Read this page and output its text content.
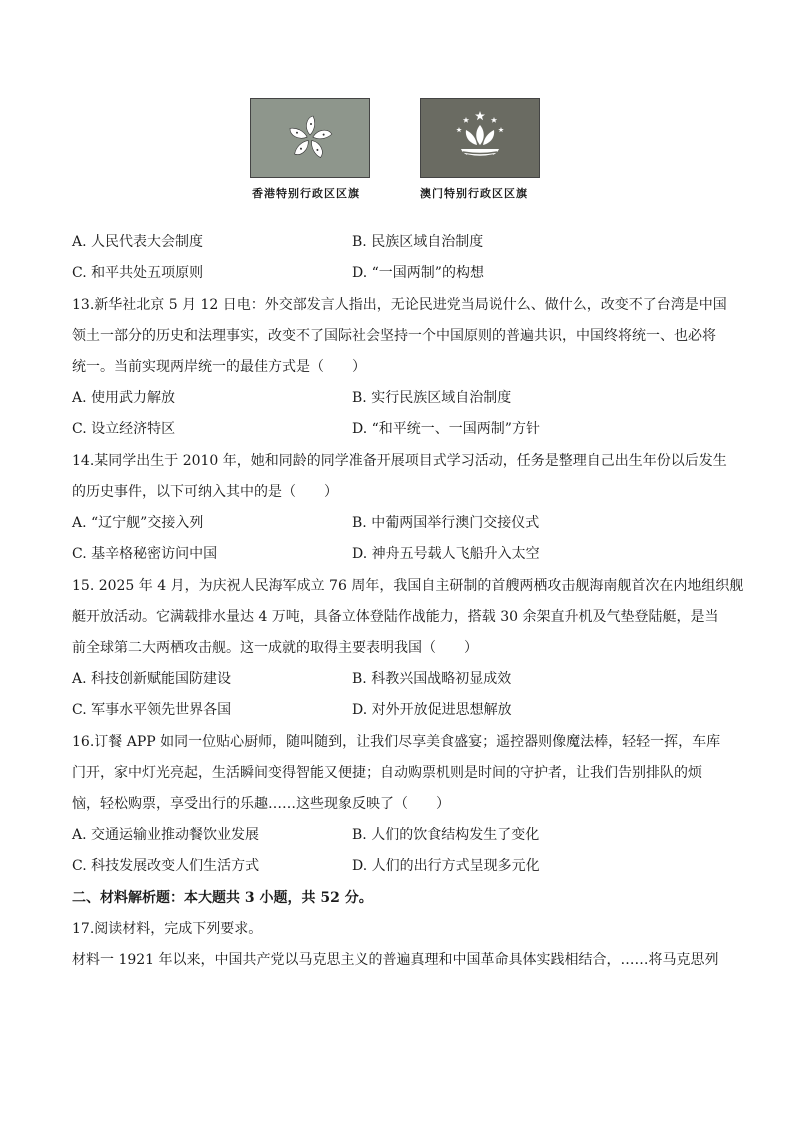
香港特别行政区区旗	澳门特别行政区区旗
A. 人民代表大会制度	B. 民族区域自治制度
C. 和平共处五项原则	D. “一国两制”的构想
13.新华社北京 5 月 12 日电：外交部发言人指出，无论民进党当局说什么、做什么，改变不了台湾是中国
领土一部分的历史和法理事实，改变不了国际社会坚持一个中国原则的普遍共识，中国终将统一、也必将
统一。当前实现两岸统一的最佳方式是（　　）
A. 使用武力解放	B. 实行民族区域自治制度
C. 设立经济特区	D. “和平统一、一国两制”方针
14.某同学出生于 2010 年，她和同龄的同学准备开展项目式学习活动，任务是整理自己出生年份以后发生
的历史事件，以下可纳入其中的是（　　）
A. “辽宁舰”交接入列	B. 中葡两国举行澳门交接仪式
C. 基辛格秘密访问中国	D. 神舟五号载人飞船升入太空
15. 2025 年 4 月，为庆祝人民海军成立 76 周年，我国自主研制的首艘两栖攻击舰海南舰首次在内地组织舰
艇开放活动。它满载排水量达 4 万吨，具备立体登陆作战能力，搭载 30 余架直升机及气垫登陆艇，是当
前全球第二大两栖攻击舰。这一成就的取得主要表明我国（　　）
A. 科技创新赋能国防建设	B. 科教兴国战略初显成效
C. 军事水平领先世界各国	D. 对外开放促进思想解放
16.订餐 APP 如同一位贴心厨师，随叫随到，让我们尽享美食盛宴；遥控器则像魔法棒，轻轻一挥，车库
门开，家中灯光亮起，生活瞬间变得智能又便捷；自动购票机则是时间的守护者，让我们告别排队的烦
恼，轻松购票，享受出行的乐趣……这些现象反映了（　　）
A. 交通运输业推动餐饮业发展	B. 人们的饮食结构发生了变化
C. 科技发展改变人们生活方式	D. 人们的出行方式呈现多元化
二、材料解析题：本大题共 3 小题，共 52 分。
17.阅读材料，完成下列要求。
材料一 1921 年以来，中国共产党以马克思主义的普遍真理和中国革命具体实践相结合，……将马克思列
